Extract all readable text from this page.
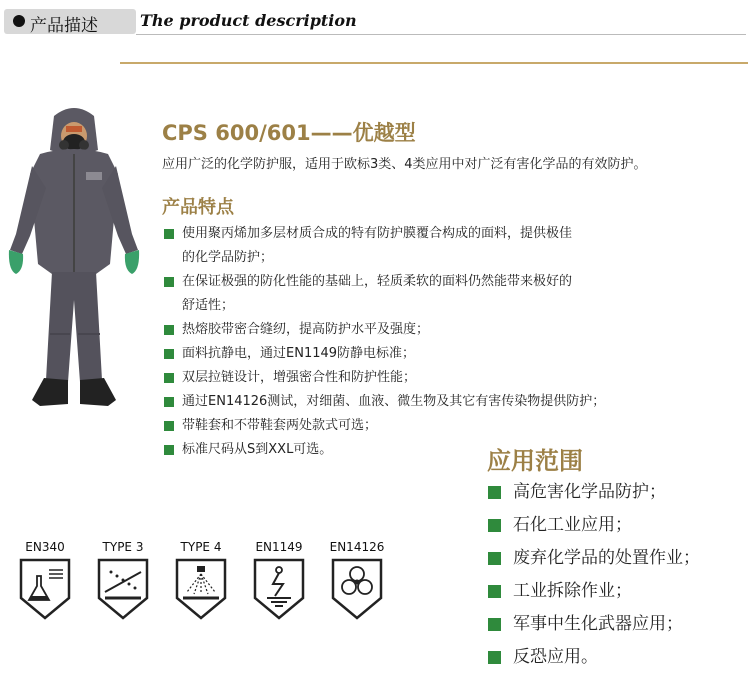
产品描述	The product description
CPS 600/601——优越型
应用广泛的化学防护服，适用于欧标3类、4类应用中对广泛有害化学品的有效防护。
产品特点
使用聚丙烯加多层材质合成的特有防护膜覆合构成的面料，提供极佳
的化学品防护；
在保证极强的防化性能的基础上，轻质柔软的面料仍然能带来极好的
舒适性；
热熔胶带密合缝纫，提高防护水平及强度；
面料抗静电，通过EN1149防静电标准；
双层拉链设计，增强密合性和防护性能；
通过EN14126测试，对细菌、血液、微生物及其它有害传染物提供防护；
带鞋套和不带鞋套两处款式可选；
标准尺码从S到XXL可选。	应用范围
高危害化学品防护；
石化工业应用；
废弃化学品的处置作业；
工业拆除作业；
军事中生化武器应用；
反恐应用。
EN340	TYPE 3	TYPE 4	EN1149	EN14126
